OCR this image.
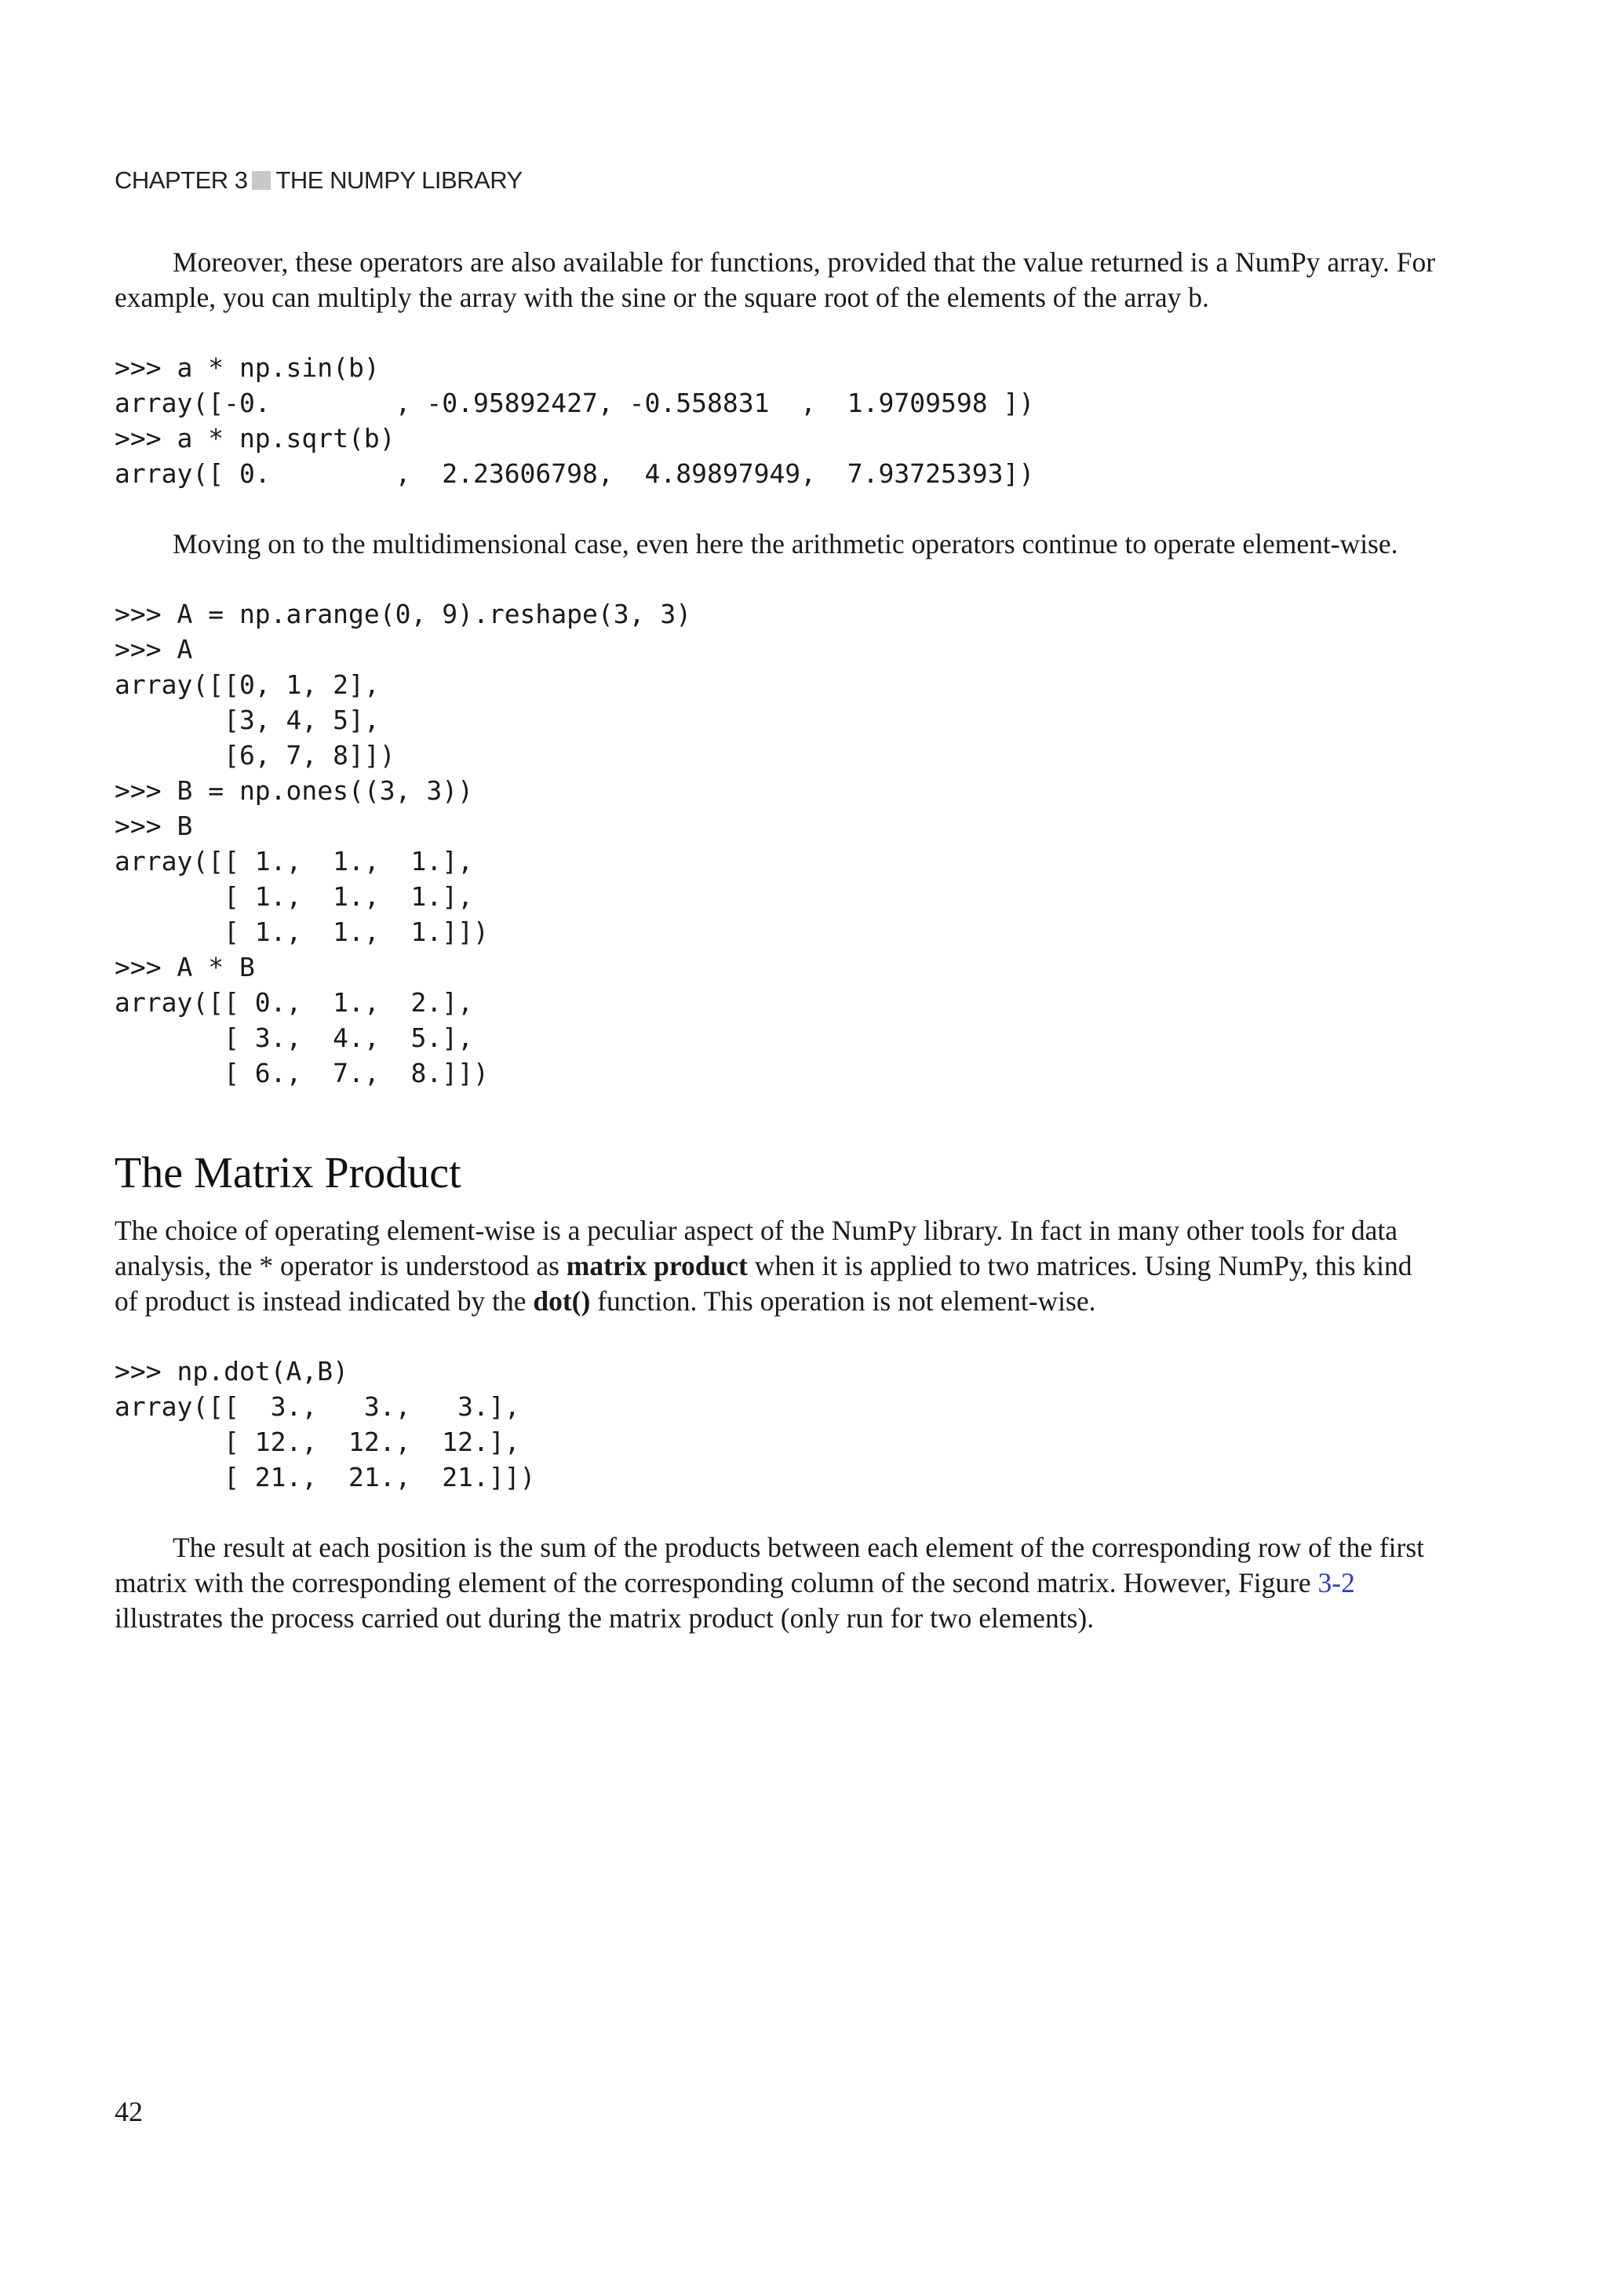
CHAPTER 3 THE NUMPY LIBRARY

Moreover, these operators are also available for functions, provided that the value returned is a NumPy array. For example, you can multiply the array with the sine or the square root of the elements of the array b.

>>> a * np.sin(b)
array([-0.        , -0.95892427, -0.558831  ,  1.9709598 ])
>>> a * np.sqrt(b)
array([ 0.        ,  2.23606798,  4.89897949,  7.93725393])

Moving on to the multidimensional case, even here the arithmetic operators continue to operate element-wise.

>>> A = np.arange(0, 9).reshape(3, 3)
>>> A
array([[0, 1, 2],
[3, 4, 5],
[6, 7, 8]])
>>> B = np.ones((3, 3))
>>> B
array([[ 1.,  1.,  1.],
[ 1.,  1.,  1.],
[ 1.,  1.,  1.]])
>>> A * B
array([[ 0.,  1.,  2.],
[ 3.,  4.,  5.],
[ 6.,  7.,  8.]])
The Matrix Product

The choice of operating element-wise is a peculiar aspect of the NumPy library. In fact in many other tools for data analysis, the * operator is understood as matrix product when it is applied to two matrices. Using NumPy, this kind of product is instead indicated by the dot() function. This operation is not element-wise.

>>> np.dot(A,B)
array([[  3.,   3.,   3.],
[ 12.,  12.,  12.],
[ 21.,  21.,  21.]])

The result at each position is the sum of the products between each element of the corresponding row of the first matrix with the corresponding element of the corresponding column of the second matrix. However, Figure 3-2 illustrates the process carried out during the matrix product (only run for two elements).

42
